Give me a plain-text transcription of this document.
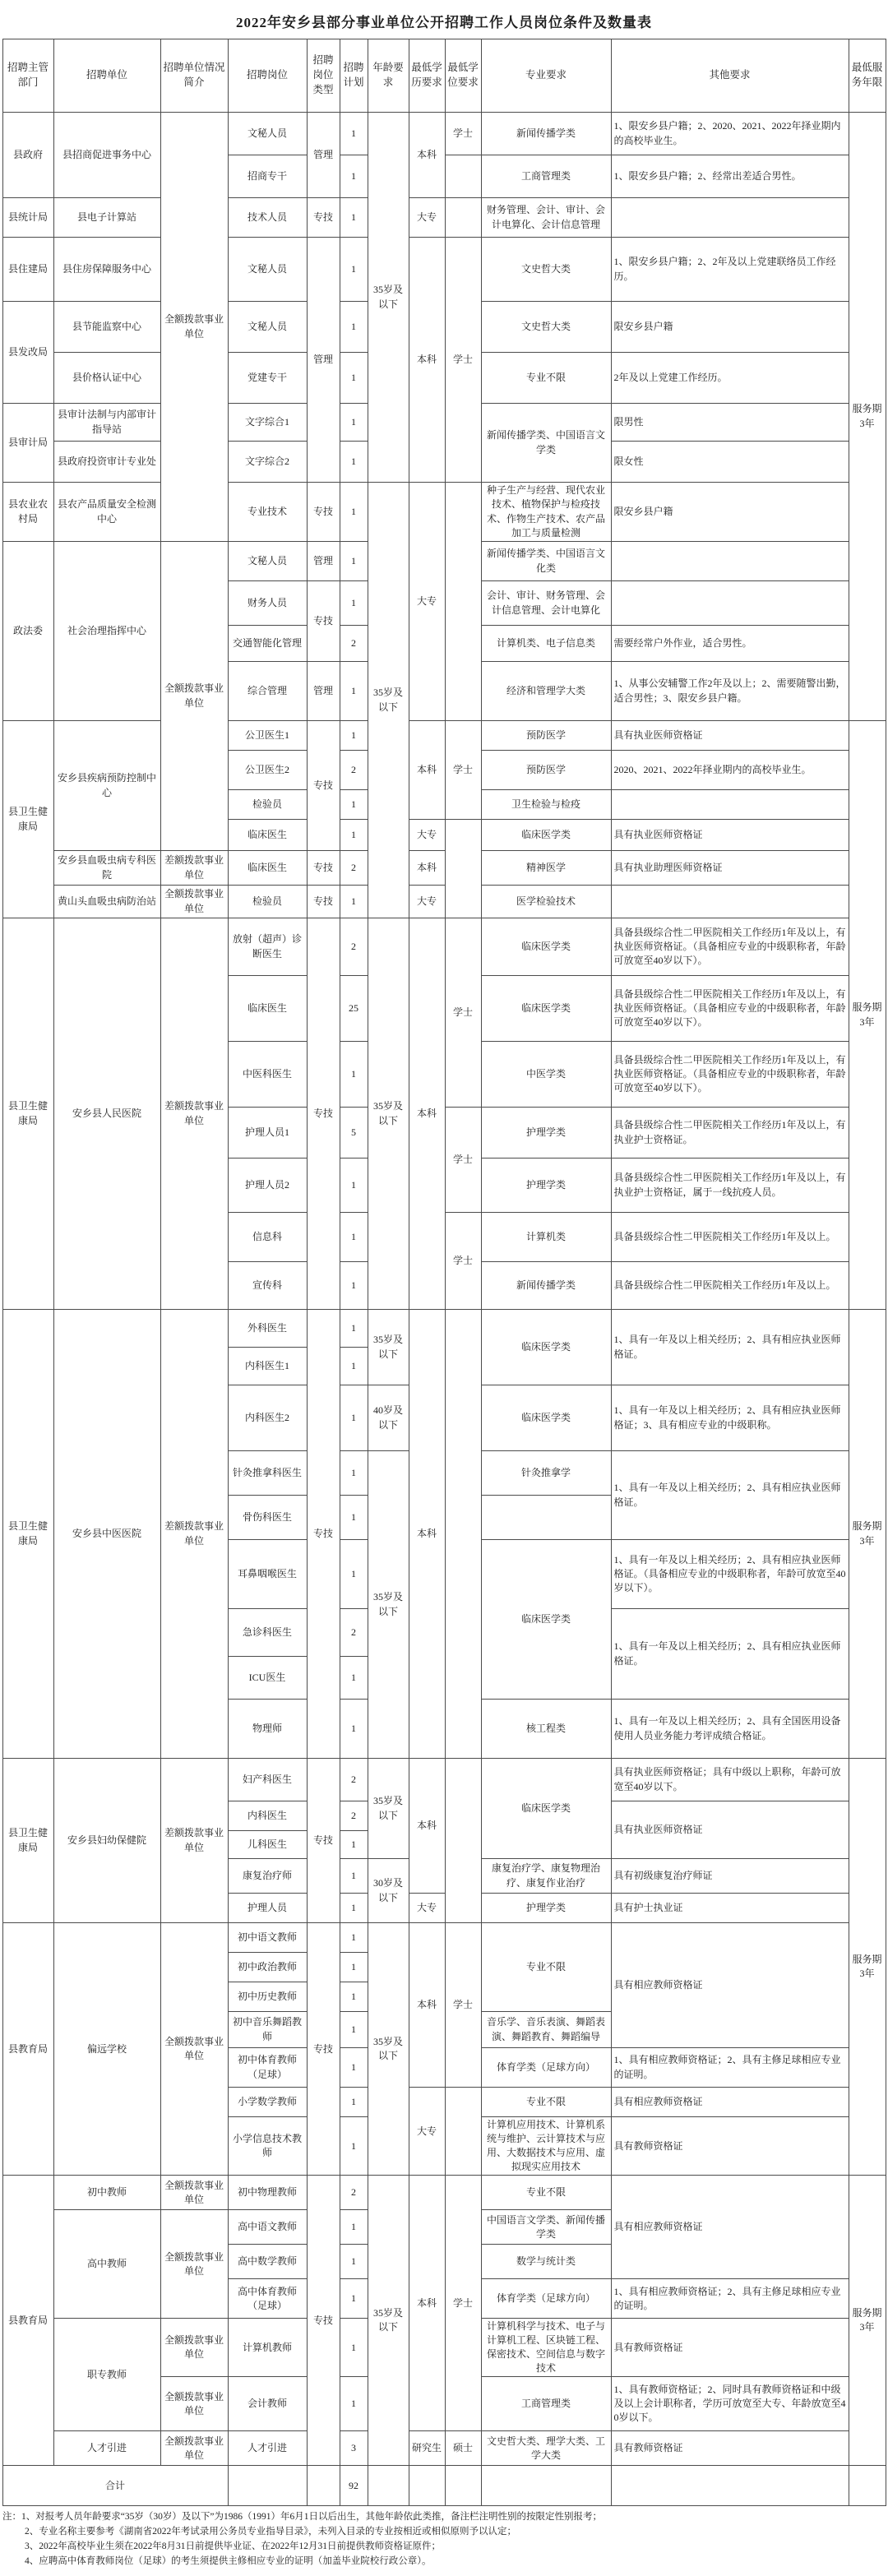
2022年安乡县部分事业单位公开招聘工作人员岗位条件及数量表
招聘主管部门	招聘单位	招聘单位情况简介	招聘岗位	招聘岗位类型	招聘计划	年龄要求	最低学历要求	最低学位要求	专业要求	其他要求	最低服务年限
县政府	县招商促进事务中心	全额拨款事业单位	文秘人员	管理	1	35岁及以下	本科	学士	新闻传播学类	1、限安乡县户籍；2、2020、2021、2022年择业期内的高校毕业生。	服务期3年
			招商专干		1				工商管理类	1、限安乡县户籍；2、经常出差适合男性。	
县统计局	县电子计算站		技术人员	专技	1		大专		财务管理、会计、审计、会计电算化、会计信息管理		
县住建局	县住房保障服务中心		文秘人员	管理	1		本科	学士	文史哲大类	1、限安乡县户籍；2、2年及以上党建联络员工作经历。	
县发改局	县节能监察中心		文秘人员		1				文史哲大类	限安乡县户籍	
	县价格认证中心		党建专干		1				专业不限	2年及以上党建工作经历。	
县审计局	县审计法制与内部审计指导站		文字综合1		1				新闻传播学类、中国语言文学类	限男性	
	县政府投资审计专业处		文字综合2		1					限女性	
县农业农村局	县农产品质量安全检测中心		专业技术	专技	1	35岁及以下	大专		种子生产与经营、现代农业技术、植物保护与检疫技术、作物生产技术、农产品加工与质量检测	限安乡县户籍	
政法委	社会治理指挥中心	全额拨款事业单位	文秘人员	管理	1				新闻传播学类、中国语言文化类		
			财务人员	专技	1				会计、审计、财务管理、会计信息管理、会计电算化		
			交通智能化管理		2				计算机类、电子信息类	需要经常户外作业，适合男性。	
			综合管理	管理	1				经济和管理学大类	1、从事公安辅警工作2年及以上；2、需要随警出勤，适合男性；3、限安乡县户籍。	
县卫生健康局	安乡县疾病预防控制中心		公卫医生1	专技	1		本科	学士	预防医学	具有执业医师资格证	服务期3年
			公卫医生2		2				预防医学	2020、2021、2022年择业期内的高校毕业生。	
			检验员		1				卫生检验与检疫		
			临床医生		1		大专		临床医学类	具有执业医师资格证	
	安乡县血吸虫病专科医院	差额拨款事业单位	临床医生	专技	2		本科		精神医学	具有执业助理医师资格证	
	黄山头血吸虫病防治站	全额拨款事业单位	检验员	专技	1		大专		医学检验技术		
县卫生健康局	安乡县人民医院	差额拨款事业单位	放射（超声）诊断医生	专技	2	35岁及以下	本科	学士	临床医学类	具备县级综合性二甲医院相关工作经历1年及以上，有执业医师资格证。（具备相应专业的中级职称者，年龄可放宽至40岁以下）。	
			临床医生		25				临床医学类	具备县级综合性二甲医院相关工作经历1年及以上，有执业医师资格证。（具备相应专业的中级职称者，年龄可放宽至40岁以下）。	
			中医科医生		1				中医学类	具备县级综合性二甲医院相关工作经历1年及以上，有执业医师资格证。（具备相应专业的中级职称者，年龄可放宽至40岁以下）。	
			护理人员1		5			学士	护理学类	具备县级综合性二甲医院相关工作经历1年及以上，有执业护士资格证。	
			护理人员2		1				护理学类	具备县级综合性二甲医院相关工作经历1年及以上，有执业护士资格证，属于一线抗疫人员。	
			信息科		1			学士	计算机类	具备县级综合性二甲医院相关工作经历1年及以上。	
			宣传科		1				新闻传播学类	具备县级综合性二甲医院相关工作经历1年及以上。	
县卫生健康局	安乡县中医医院	差额拨款事业单位	外科医生	专技	1	35岁及以下	本科		临床医学类	1、具有一年及以上相关经历；2、具有相应执业医师格证。	服务期3年
			内科医生1		1						
			内科医生2		1	40岁及以下			临床医学类	1、具有一年及以上相关经历；2、具有相应执业医师格证；3、具有相应专业的中级职称。	
			针灸推拿科医生		1	35岁及以下			针灸推拿学	1、具有一年及以上相关经历；2、具有相应执业医师格证。	
			骨伤科医生		1						
			耳鼻咽喉医生		1				临床医学类	1、具有一年及以上相关经历；2、具有相应执业医师格证。（具备相应专业的中级职称者，年龄可放宽至40岁以下）。	
			急诊科医生		2					1、具有一年及以上相关经历；2、具有相应执业医师格证。	
			ICU医生		1						
			物理师		1				核工程类	1、具有一年及以上相关经历；2、具有全国医用设备使用人员业务能力考评成绩合格证。	
县卫生健康局	安乡县妇幼保健院	差额拨款事业单位	妇产科医生	专技	2	35岁及以下	本科		临床医学类	具有执业医师资格证；具有中级以上职称，年龄可放宽至40岁以下。	服务期3年
			内科医生		2					具有执业医师资格证	
			儿科医生		1						
			康复治疗师		1	30岁及以下			康复治疗学、康复物理治疗、康复作业治疗	具有初级康复治疗师证	
			护理人员		1		大专		护理学类	具有护士执业证	
县教育局	偏远学校	全额拨款事业单位	初中语文教师	专技	1	35岁及以下	本科	学士	专业不限	具有相应教师资格证	
			初中政治教师		1						
			初中历史教师		1						
			初中音乐舞蹈教师		1				音乐学、音乐表演、舞蹈表演、舞蹈教育、舞蹈编导		
			初中体育教师（足球）		1				体育学类（足球方向）	1、具有相应教师资格证；2、具有主修足球相应专业的证明。	
			小学数学教师		1		大专		专业不限	具有相应教师资格证	
			小学信息技术教师		1				计算机应用技术、计算机系统与维护、云计算技术与应用、大数据技术与应用、虚拟现实应用技术	具有教师资格证	
县教育局	初中教师	全额拨款事业单位	初中物理教师	专技	2	35岁及以下	本科	学士	专业不限	具有相应教师资格证	服务期3年
	高中教师	全额拨款事业单位	高中语文教师		1				中国语言文学类、新闻传播学类		
			高中数学教师		1				数学与统计类		
			高中体育教师（足球）		1				体育学类（足球方向）	1、具有相应教师资格证；2、具有主修足球相应专业的证明。	
	职专教师	全额拨款事业单位	计算机教师		1				计算机科学与技术、电子与计算机工程、区块链工程、保密技术、空间信息与数字技术	具有教师资格证	
		全额拨款事业单位	会计教师		1				工商管理类	1、具有教师资格证；2、同时具有教师资格证和中级及以上会计职称者，学历可放宽至大专、年龄放宽至40岁以下。	
	人才引进	全额拨款事业单位	人才引进		3		研究生	硕士	文史哲大类、理学大类、工学大类	具有教师资格证	
合计					92						
注：1、对报考人员年龄要求“35岁（30岁）及以下”为1986（1991）年6月1日以后出生，其他年龄依此类推，备注栏注明性别的按限定性别报考；
2、专业名称主要参考《湖南省2022年考试录用公务员专业指导目录》，未列入目录的专业按相近或相似原则予以认定；
3、2022年高校毕业生须在2022年8月31日前提供毕业证、在2022年12月31日前提供教师资格证原件；
4、应聘高中体育教师岗位（足球）的考生须提供主修相应专业的证明（加盖毕业院校行政公章）。
